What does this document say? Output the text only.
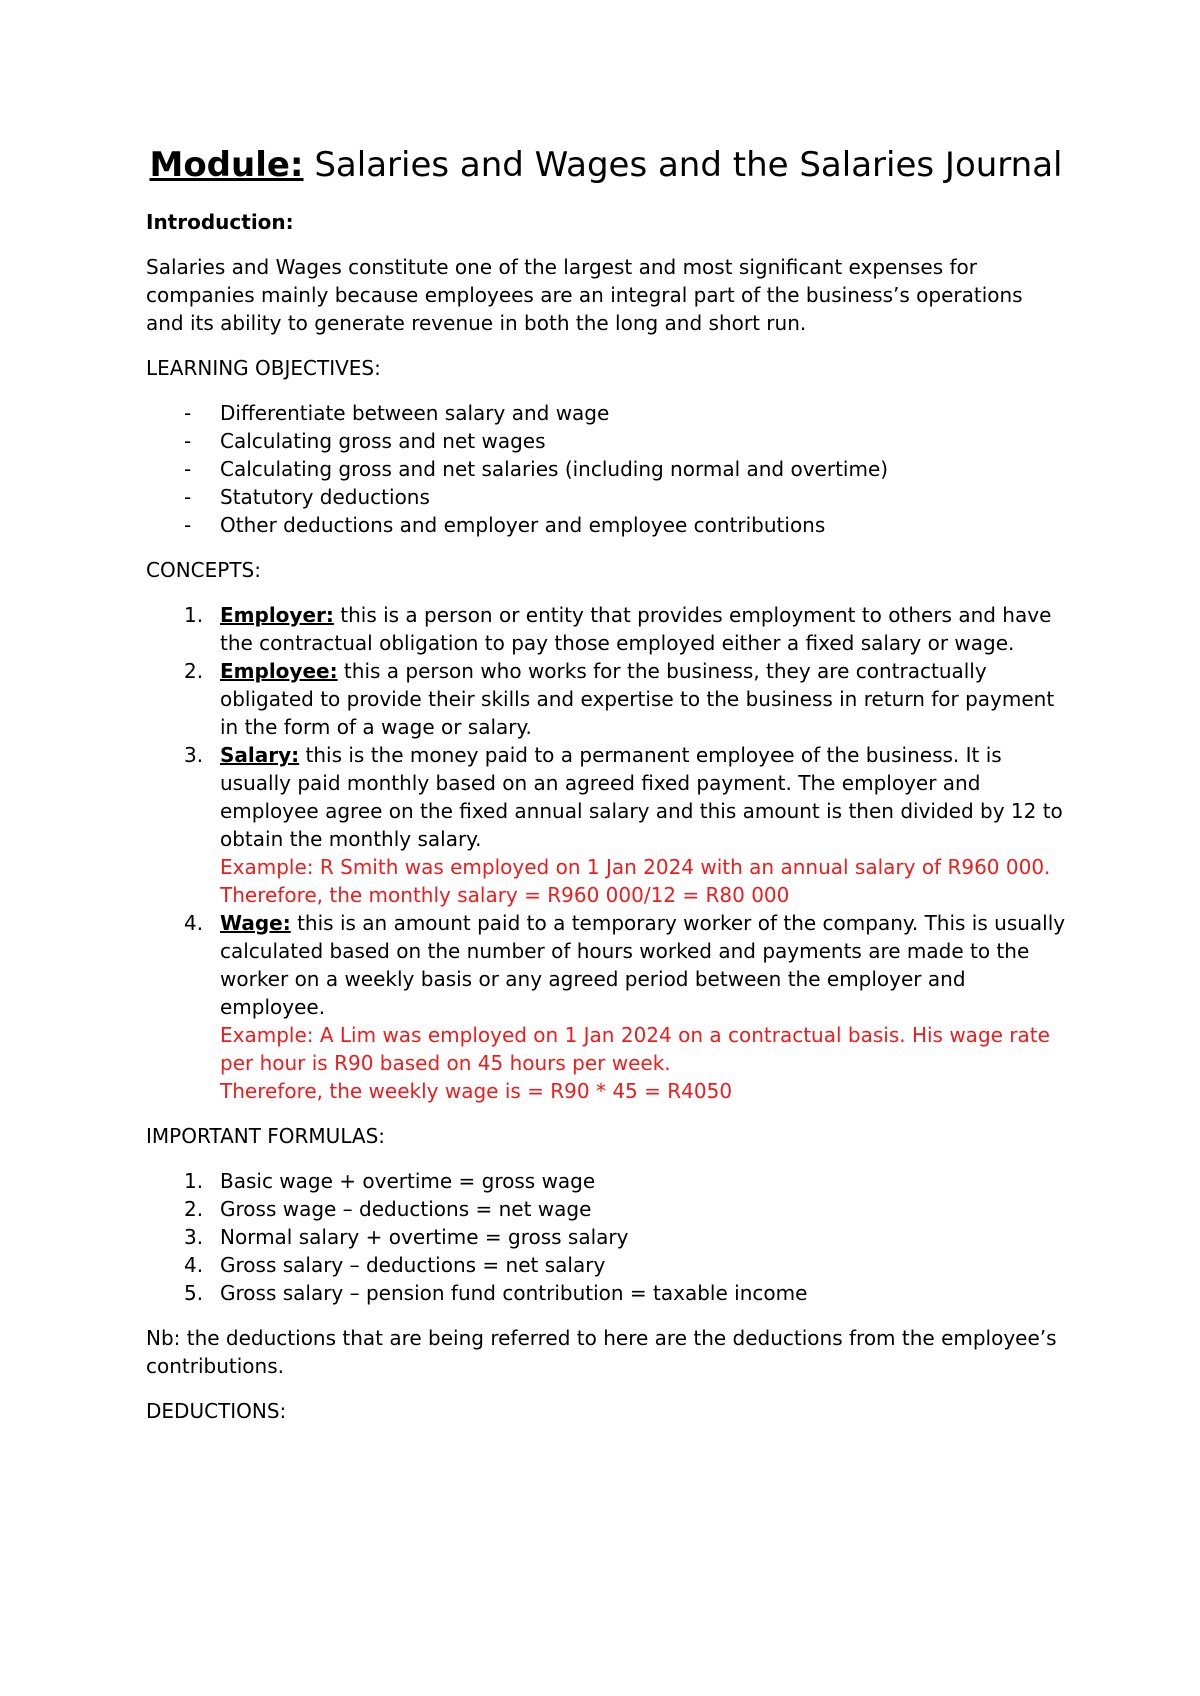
Module: Salaries and Wages and the Salaries Journal
Introduction:

Salaries and Wages constitute one of the largest and most significant expenses for companies mainly because employees are an integral part of the business’s operations and its ability to generate revenue in both the long and short run.

LEARNING OBJECTIVES:
- Differentiate between salary and wage
- Calculating gross and net wages
- Calculating gross and net salaries (including normal and overtime)
- Statutory deductions
- Other deductions and employer and employee contributions
CONCEPTS:
1. Employer: this is a person or entity that provides employment to others and have the contractual obligation to pay those employed either a fixed salary or wage.
2. Employee: this a person who works for the business, they are contractually obligated to provide their skills and expertise to the business in return for payment in the form of a wage or salary.
3. Salary: this is the money paid to a permanent employee of the business. It is usually paid monthly based on an agreed fixed payment. The employer and employee agree on the fixed annual salary and this amount is then divided by 12 to obtain the monthly salary.
Example: R Smith was employed on 1 Jan 2024 with an annual salary of R960 000. Therefore, the monthly salary = R960 000/12 = R80 000
4. Wage: this is an amount paid to a temporary worker of the company. This is usually calculated based on the number of hours worked and payments are made to the worker on a weekly basis or any agreed period between the employer and employee.
Example: A Lim was employed on 1 Jan 2024 on a contractual basis. His wage rate per hour is R90 based on 45 hours per week.
Therefore, the weekly wage is = R90 * 45 = R4050
IMPORTANT FORMULAS:
1. Basic wage + overtime = gross wage
2. Gross wage – deductions = net wage
3. Normal salary + overtime = gross salary
4. Gross salary – deductions = net salary
5. Gross salary – pension fund contribution = taxable income

Nb: the deductions that are being referred to here are the deductions from the employee’s contributions.

DEDUCTIONS:
